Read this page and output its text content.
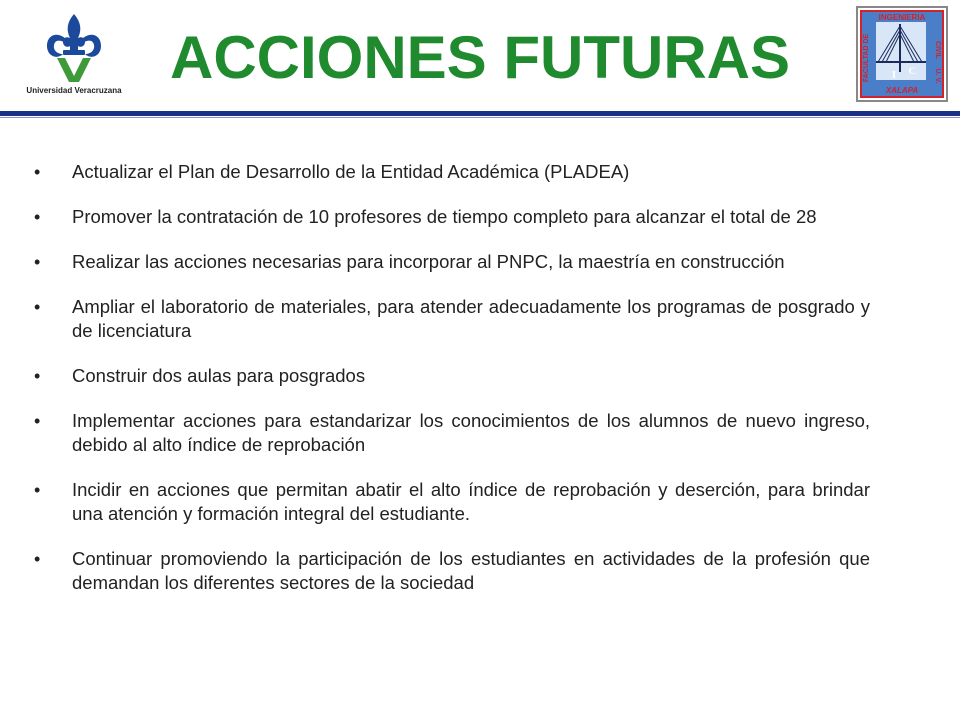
Universidad Veracruzana ACCIONES FUTURAS
INGENIERIA
FACULTAD DE	CIVIL
U. V.
XALAPA
I C
• Actualizar el Plan de Desarrollo de la Entidad Académica (PLADEA)
• Promover la contratación de 10 profesores de tiempo completo para alcanzar el total de 28
• Realizar las acciones necesarias para incorporar al PNPC, la maestría en construcción
• Ampliar el laboratorio de materiales, para atender adecuadamente los programas de posgrado y de licenciatura
• Construir dos aulas para posgrados
• Implementar acciones para estandarizar los conocimientos de los alumnos de nuevo ingreso, debido al alto índice de reprobación
• Incidir en acciones que permitan abatir el alto índice de reprobación y deserción, para brindar una atención y formación integral del estudiante.
• Continuar promoviendo la participación de los estudiantes en actividades de la profesión que demandan los diferentes sectores de la sociedad
